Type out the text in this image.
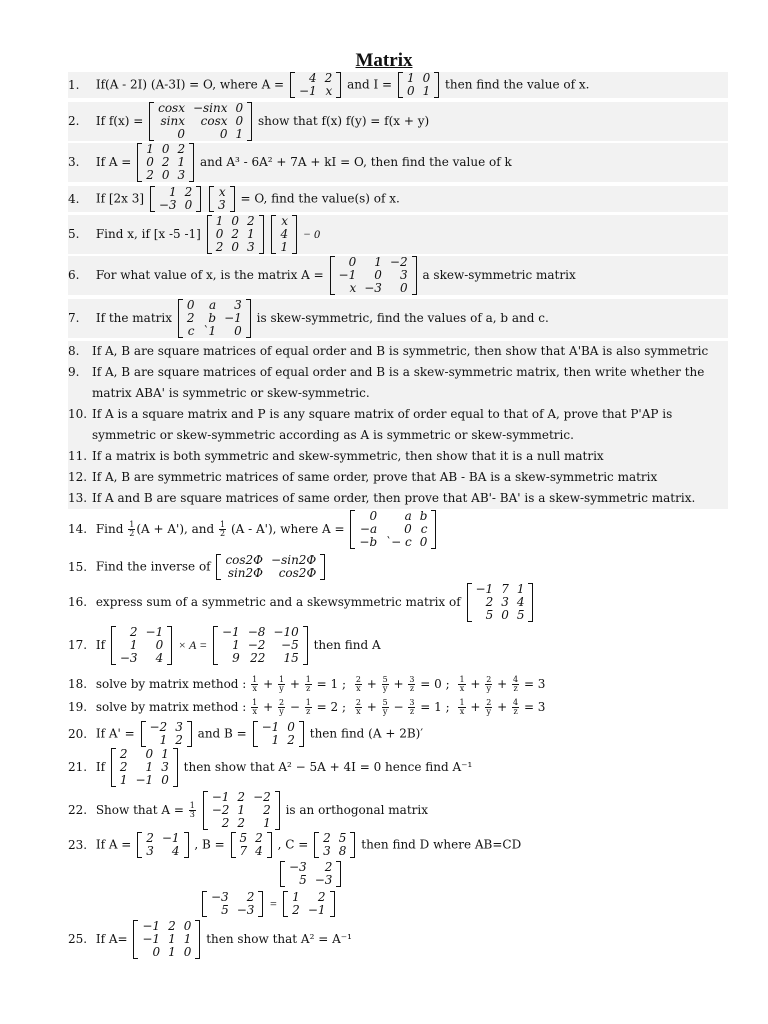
Matrix
1. If(A - 2I) (A-3I) = O, where A = 4	2
−1	x and I = 1	0
0	1 then find the value of x.
2. If f(x) =
cosx	−sinx	0
sinx	cosx	0
0	0	1
show that f(x) f(y) = f(x + y)
3. If A =
1	0	2
0	2	1
2	0	3
and A³ - 6A² + 7A + kI = O, then find the value of k
4. If [2x 3] 1	2
−3	0

x
3 = O, find the value(s) of x.
5. Find x, if [x -5 -1]
1	0	2
0	2	1
2	0	3

x
4
1
− 0
6. For what value of x, is the matrix A =
0	1	−2
−1	0	3
x	−3	0
a skew-symmetric matrix
7. If the matrix
0	a	3
2	b	−1
c	`1	0
is skew-symmetric, find the values of a, b and c.
8. If A, B are square matrices of equal order and B is symmetric, then show that A'BA is also symmetric
9. If A, B are square matrices of equal order and B is a skew-symmetric matrix, then write whether the matrix ABA' is symmetric or skew-symmetric.
10. If A is a square matrix and P is any square matrix of order equal to that of A, prove that P'AP is symmetric or skew-symmetric according as A is symmetric or skew-symmetric.
11. If a matrix is both symmetric and skew-symmetric, then show that it is a null matrix
12. If A, B are symmetric matrices of same order, prove that AB - BA is a skew-symmetric matrix
13. If A and B are square matrices of same order, then prove that AB'- BA' is a skew-symmetric matrix.
14. Find $\frac{1}{2} (A + A')$, and $\frac{1}{2} (A - A')$, where A =
0	a	b
−a	0	c
−b	`− c	0
15. Find the inverse of cos2Φ	−sin2Φ
sin2Φ	cos2Φ
16. express sum of a symmetric and a skewsymmetric matrix of
−1	7	1
2	3	4
5	0	5
17. If
2	−1
1	0
−3	4
× A =
−1	−8	−10
1	−2	−5
9	22	15
then find A
18. solve by matrix method : $\frac{1}{x} + \frac{1}{y} + \frac{1}{z} = 1$ ; $\frac{2}{x} + \frac{5}{y} + \frac{3}{z} = 0$ ; $\frac{1}{x} + \frac{2}{y} + \frac{4}{z} = 3$
19. solve by matrix method : $\frac{1}{x} + \frac{2}{y} - \frac{1}{z} = 2$ ; $\frac{2}{x} + \frac{5}{y} - \frac{3}{z} = 1$ ; $\frac{1}{x} + \frac{2}{y} + \frac{4}{z} = 3$
20. If A' = −2	3
1	2 and B = −1	0
1	2 then find (A + 2B)′
21. If
2	0	1
2	1	3
1	−1	0
then show that A² − 5A + 4I = 0 hence find A⁻¹
22. Show that $A = \frac{1}{3}$

−1	2	−2
−2	1	2
2	2	1
is an orthogonal matrix
23. If A = 2	−1
3	4 , B = 5	2
7	4 , C = 2	5
3	8 then find D where AB=CD
−3	2
5	−3
−3	2
5	−3 = 1	2
2	−1
25. If A=
−1	2	0
−1	1	1
0	1	0
then show that A² = A⁻¹
